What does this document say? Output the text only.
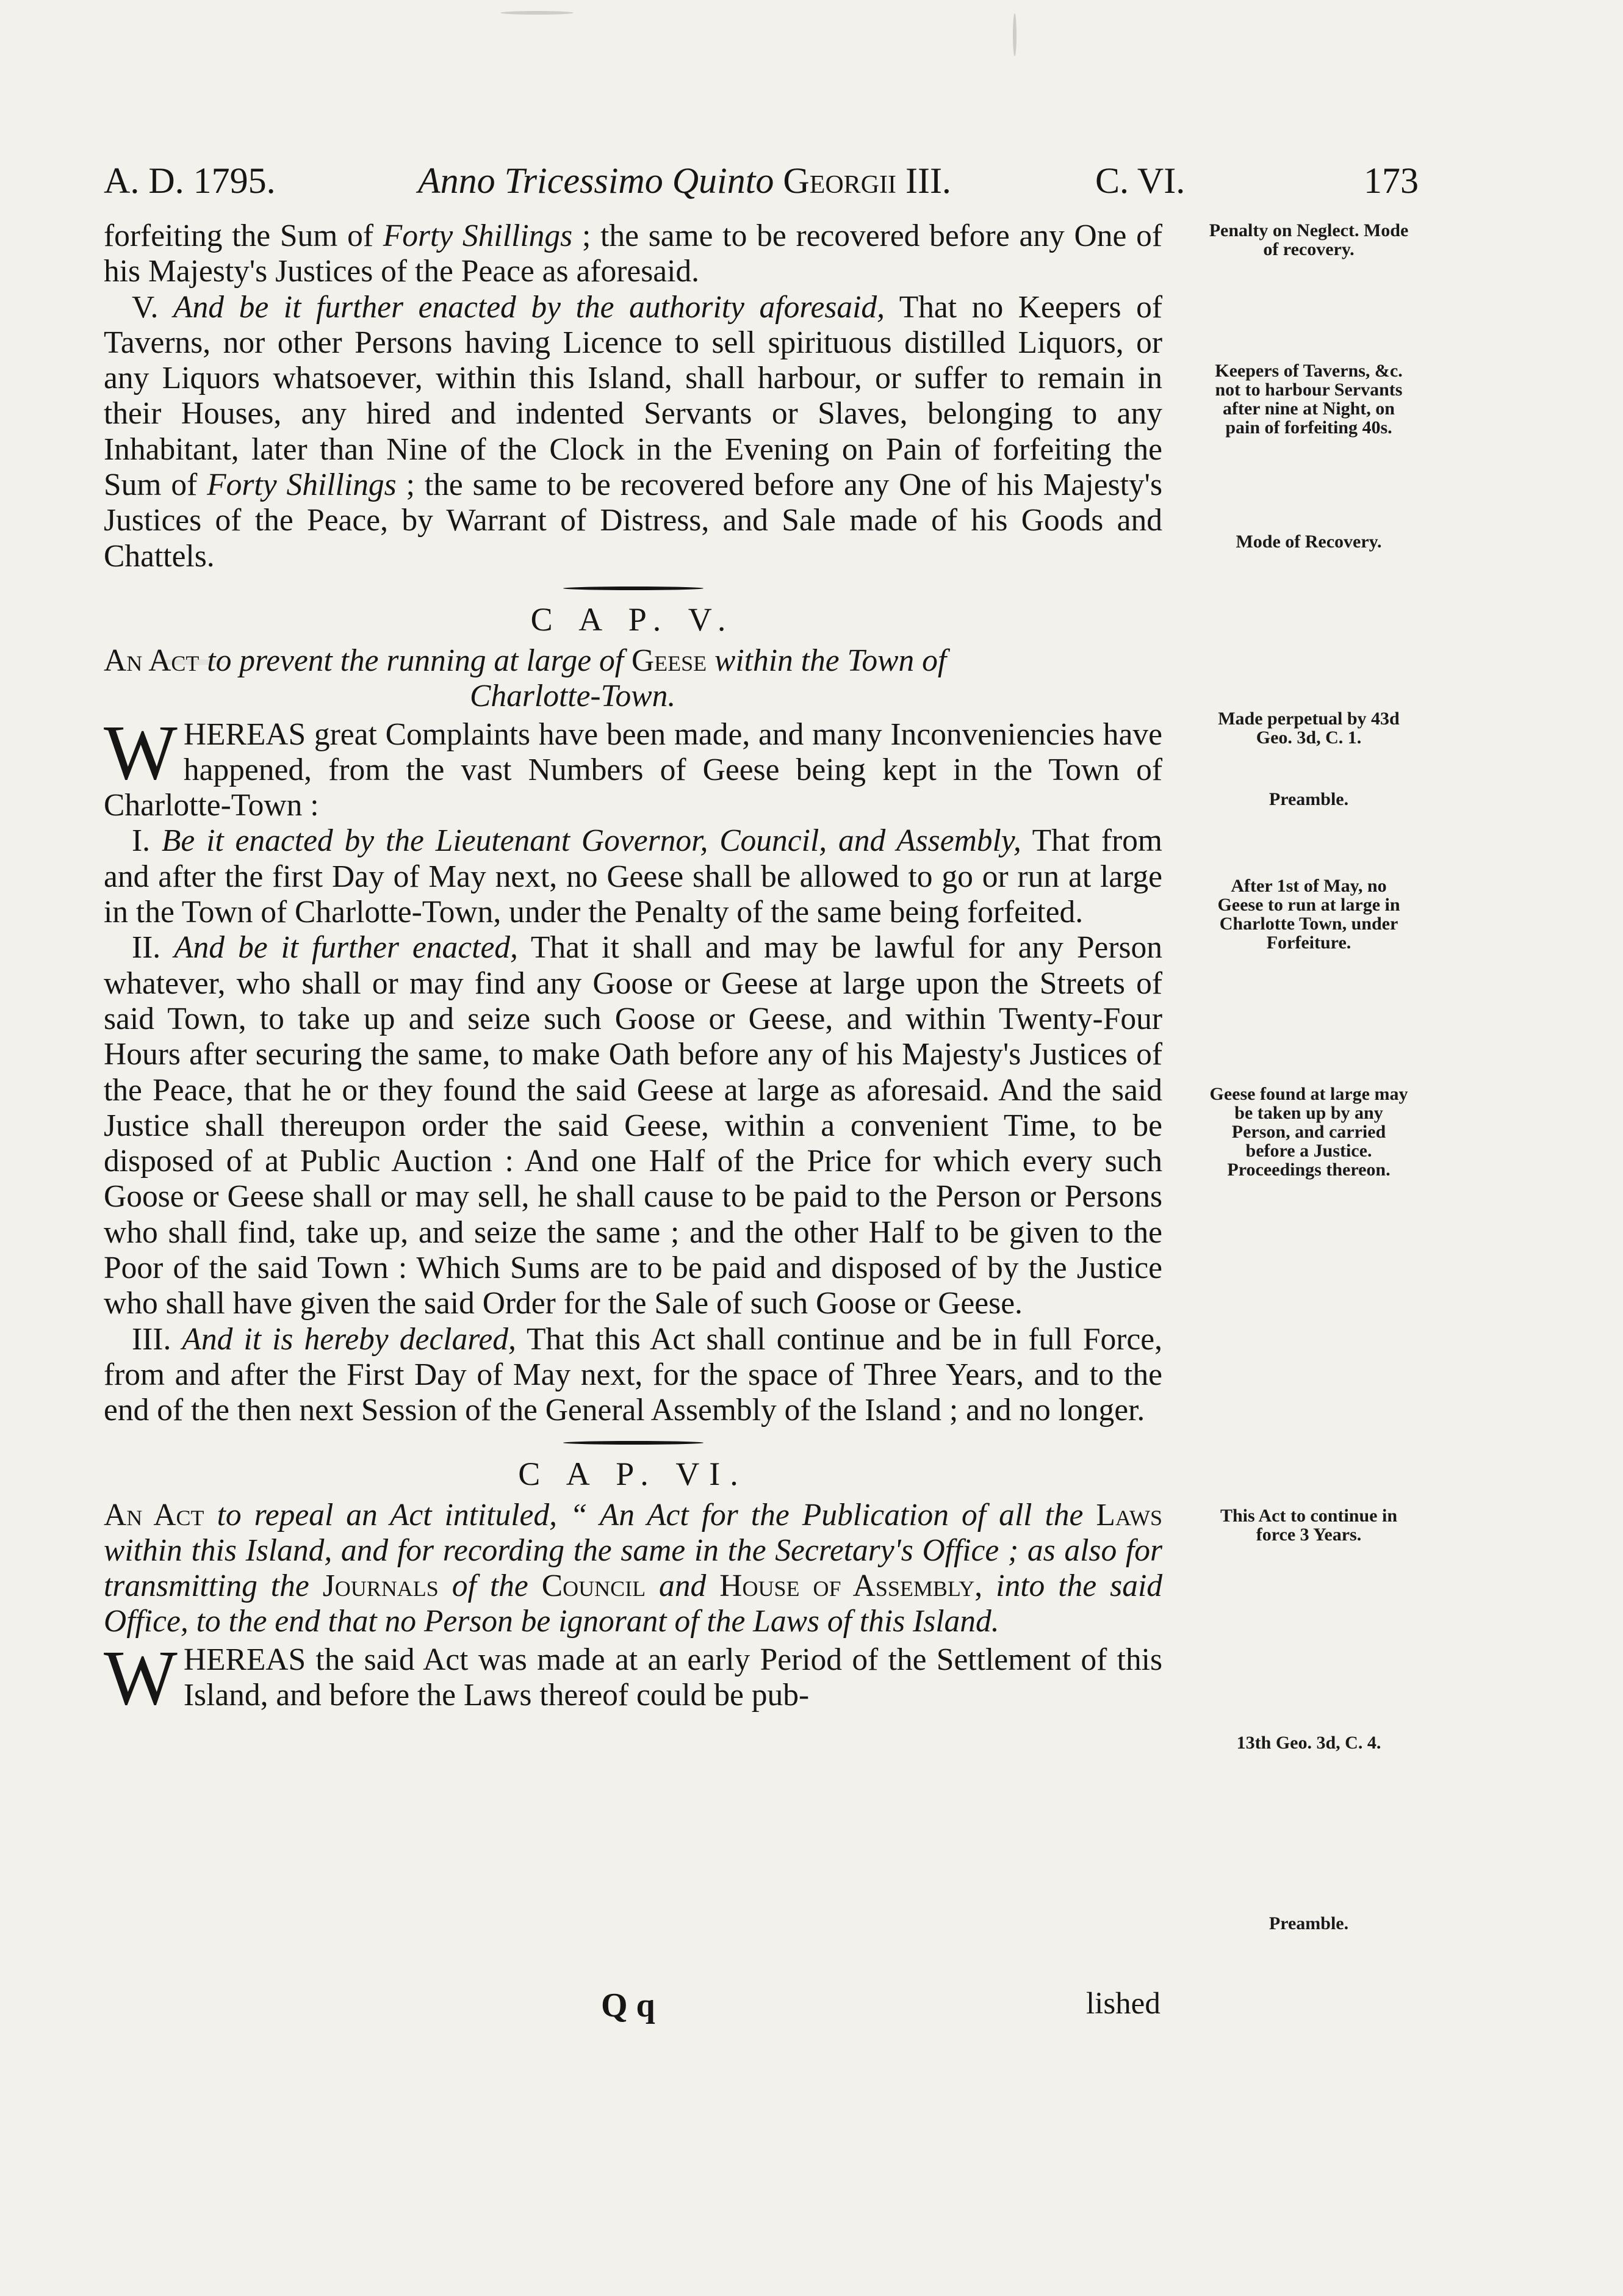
A. D. 1795.	Anno Tricessimo Quinto Georgii III.	C. VI.	173

forfeiting the Sum of Forty Shillings ; the same to be recovered before any One of his Majesty's Justices of the Peace as aforesaid.

V. And be it further enacted by the authority aforesaid, That no Keepers of Taverns, nor other Persons having Licence to sell spirituous distilled Liquors, or any Liquors whatsoever, within this Island, shall harbour, or suffer to remain in their Houses, any hired and indented Servants or Slaves, belonging to any Inhabitant, later than Nine of the Clock in the Evening on Pain of forfeiting the Sum of Forty Shillings ; the same to be recovered before any One of his Majesty's Justices of the Peace, by Warrant of Distress, and Sale made of his Goods and Chattels.

C A P. V.

An Act to prevent the running at large of Geese within the Town of
Charlotte-Town.

WHEREAS great Complaints have been made, and many Inconveniencies have happened, from the vast Numbers of Geese being kept in the Town of Charlotte-Town :

I. Be it enacted by the Lieutenant Governor, Council, and Assembly, That from and after the first Day of May next, no Geese shall be allowed to go or run at large in the Town of Charlotte-Town, under the Penalty of the same being forfeited.

II. And be it further enacted, That it shall and may be lawful for any Person whatever, who shall or may find any Goose or Geese at large upon the Streets of said Town, to take up and seize such Goose or Geese, and within Twenty-Four Hours after securing the same, to make Oath before any of his Majesty's Justices of the Peace, that he or they found the said Geese at large as aforesaid. And the said Justice shall thereupon order the said Geese, within a convenient Time, to be disposed of at Public Auction : And one Half of the Price for which every such Goose or Geese shall or may sell, he shall cause to be paid to the Person or Persons who shall find, take up, and seize the same ; and the other Half to be given to the Poor of the said Town : Which Sums are to be paid and disposed of by the Justice who shall have given the said Order for the Sale of such Goose or Geese.

III. And it is hereby declared, That this Act shall continue and be in full Force, from and after the First Day of May next, for the space of Three Years, and to the end of the then next Session of the General Assembly of the Island ; and no longer.

C A P. VI.

An Act to repeal an Act intituled, “ An Act for the Publication of all the Laws within this Island, and for recording the same in the Secretary's Office ; as also for transmitting the Journals of the Council and House of Assembly, into the said Office, to the end that no Person be ignorant of the Laws of this Island.

WHEREAS the said Act was made at an early Period of the Settlement of this Island, and before the Laws thereof could be pub-

Penalty on Neglect. Mode of recovery.
Keepers of Taverns, &c. not to harbour Servants after nine at Night, on pain of forfeiting 40s.
Mode of Recovery.
Made perpetual by 43d Geo. 3d, C. 1.
Preamble.
After 1st of May, no Geese to run at large in Charlotte Town, under Forfeiture.
Geese found at large may be taken up by any Person, and carried before a Justice. Proceedings thereon.
This Act to continue in force 3 Years.
13th Geo. 3d, C. 4.
Preamble.
Q q	lished
